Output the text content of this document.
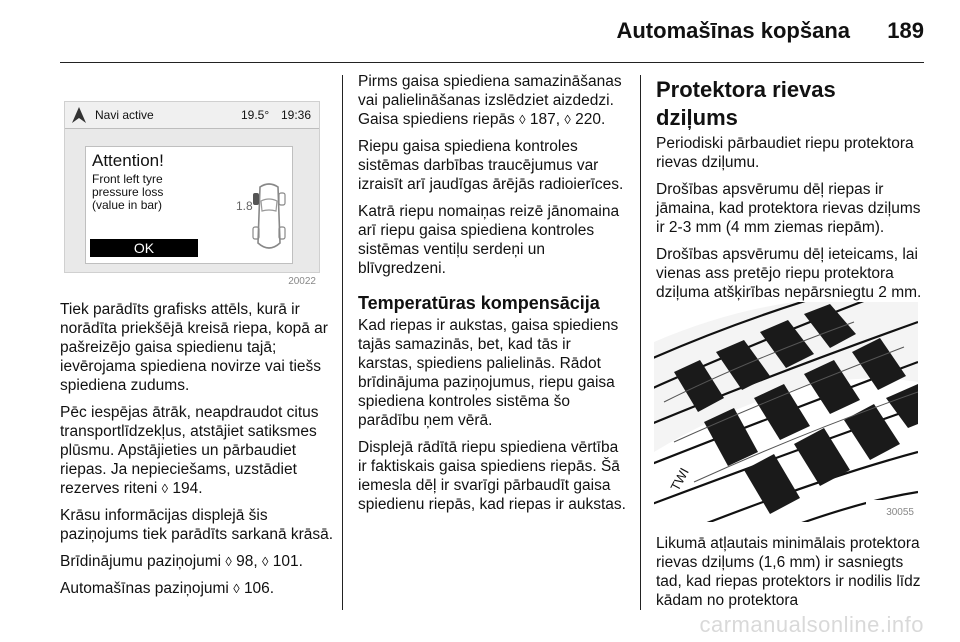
Automašīnas kopšana 189
Navi active	19.5° 19:36
Attention!
Front left tyre
pressure loss
(value in bar)	1.8
OK
20022

Tiek parādīts grafisks attēls, kurā ir norādīta priekšējā kreisā riepa, kopā ar pašreizējo gaisa spiedienu tajā; ievērojama spiediena novirze vai tiešs spiediena zudums.

Pēc iespējas ātrāk, neapdraudot citus transportlīdzekļus, atstājiet satiksmes plūsmu. Apstājieties un pārbaudiet riepas. Ja nepieciešams, uzstādiet rezerves riteni ◊ 194.

Krāsu informācijas displejā šis paziņojums tiek parādīts sarkanā krāsā.

Brīdinājumu paziņojumi ◊ 98, ◊ 101.

Automašīnas paziņojumi ◊ 106.

Pirms gaisa spiediena samazināšanas vai palielināšanas izslēdziet aizdedzi. Gaisa spiediens riepās ◊ 187, ◊ 220.

Riepu gaisa spiediena kontroles sistēmas darbības traucējumus var izraisīt arī jaudīgas ārējās radioierīces.

Katrā riepu nomaiņas reizē jānomaina arī riepu gaisa spiediena kontroles sistēmas ventiļu serdeņi un blīvgredzeni.

Temperatūras kompensācija

Kad riepas ir aukstas, gaisa spiediens tajās samazinās, bet, kad tās ir karstas, spiediens palielinās. Rādot brīdinājuma paziņojumus, riepu gaisa spiediena kontroles sistēma šo parādību ņem vērā.

Displejā rādītā riepu spiediena vērtība ir faktiskais gaisa spiediens riepās. Šā iemesla dēļ ir svarīgi pārbaudīt gaisa spiedienu riepās, kad riepas ir aukstas.

Protektora rievas dziļums

Periodiski pārbaudiet riepu protektora rievas dziļumu.

Drošības apsvērumu dēļ riepas ir jāmaina, kad protektora rievas dziļums ir 2-3 mm (4 mm ziemas riepām).

Drošības apsvērumu dēļ ieteicams, lai vienas ass pretējo riepu protektora dziļuma atšķirības nepārsniegtu 2 mm.

TWI
30055

Likumā atļautais minimālais protektora rievas dziļums (1,6 mm) ir sasniegts tad, kad riepas protektors ir nodilis līdz kādam no protektora

carmanualsonline.info
